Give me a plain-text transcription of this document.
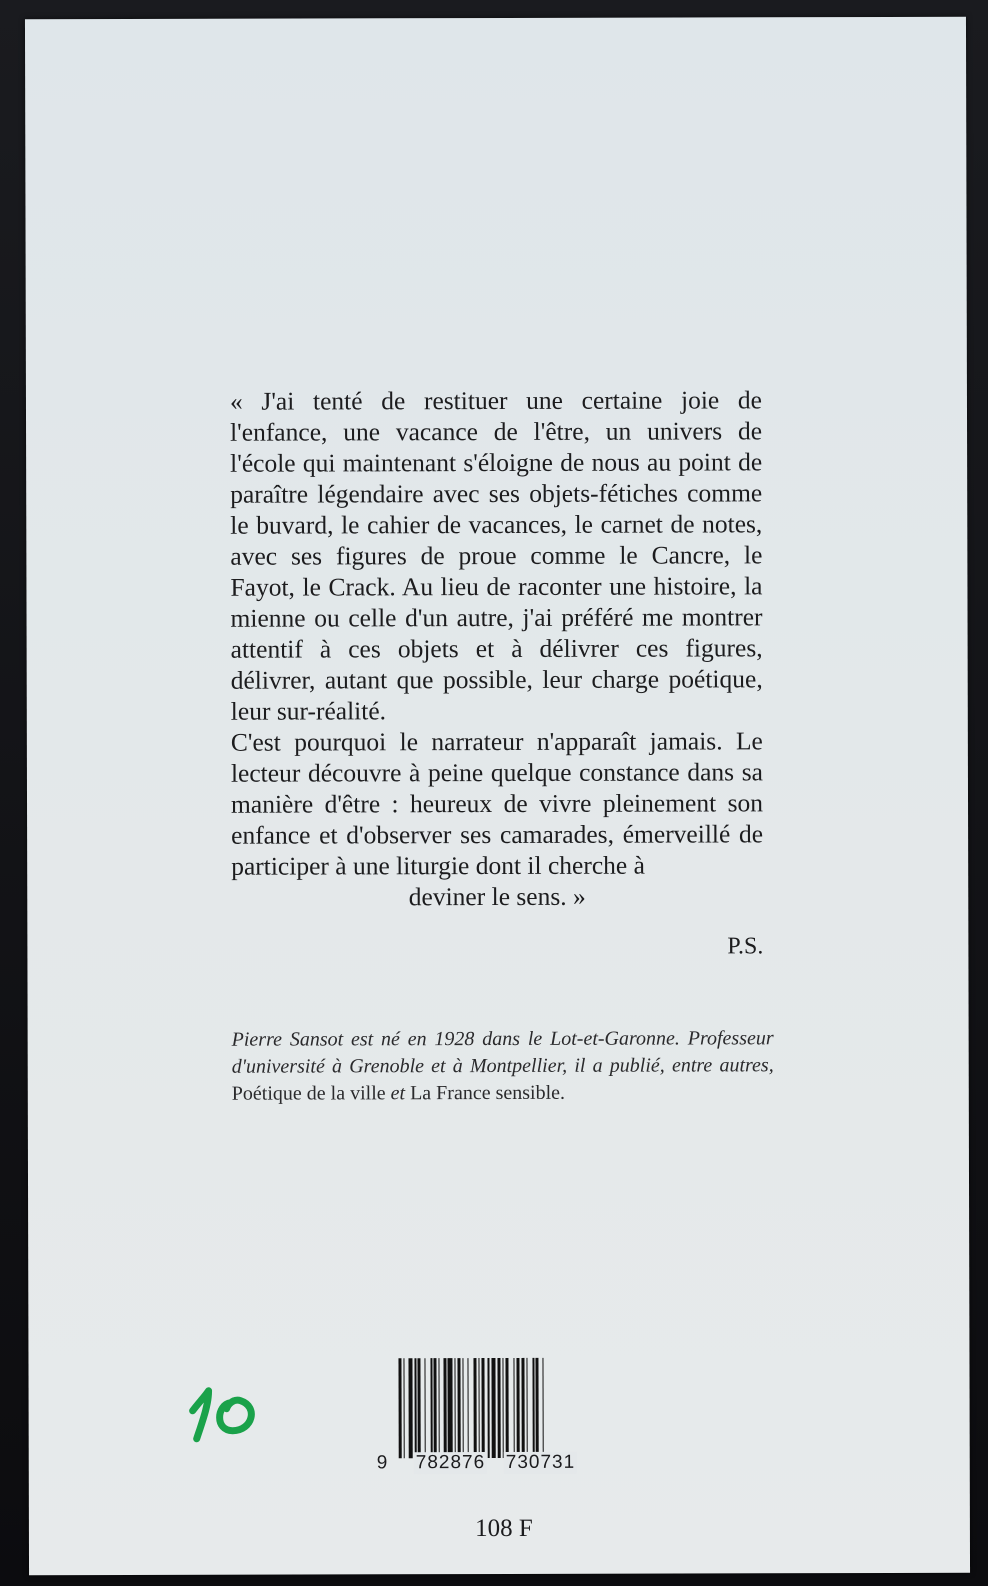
« J'ai tenté de restituer une certaine joie de l'enfance, une vacance de l'être, un univers de l'école qui maintenant s'éloigne de nous au point de paraître légendaire avec ses objets-fétiches comme le buvard, le cahier de vacances, le carnet de notes, avec ses figures de proue comme le Cancre, le Fayot, le Crack. Au lieu de raconter une histoire, la mienne ou celle d'un autre, j'ai préféré me montrer attentif à ces objets et à délivrer ces figures, délivrer, autant que possible, leur charge poétique, leur sur-réalité.

C'est pourquoi le narrateur n'apparaît jamais. Le lecteur découvre à peine quelque constance dans sa manière d'être : heureux de vivre pleinement son enfance et d'observer ses camarades, émerveillé de participer à une liturgie dont il cherche à

deviner le sens. »

P.S.
Pierre Sansot est né en 1928 dans le Lot-et-Garonne. Professeur d'université à Grenoble et à Montpellier, il a publié, entre autres, Poétique de la ville et La France sensible.
9 782876 730731
108 F
